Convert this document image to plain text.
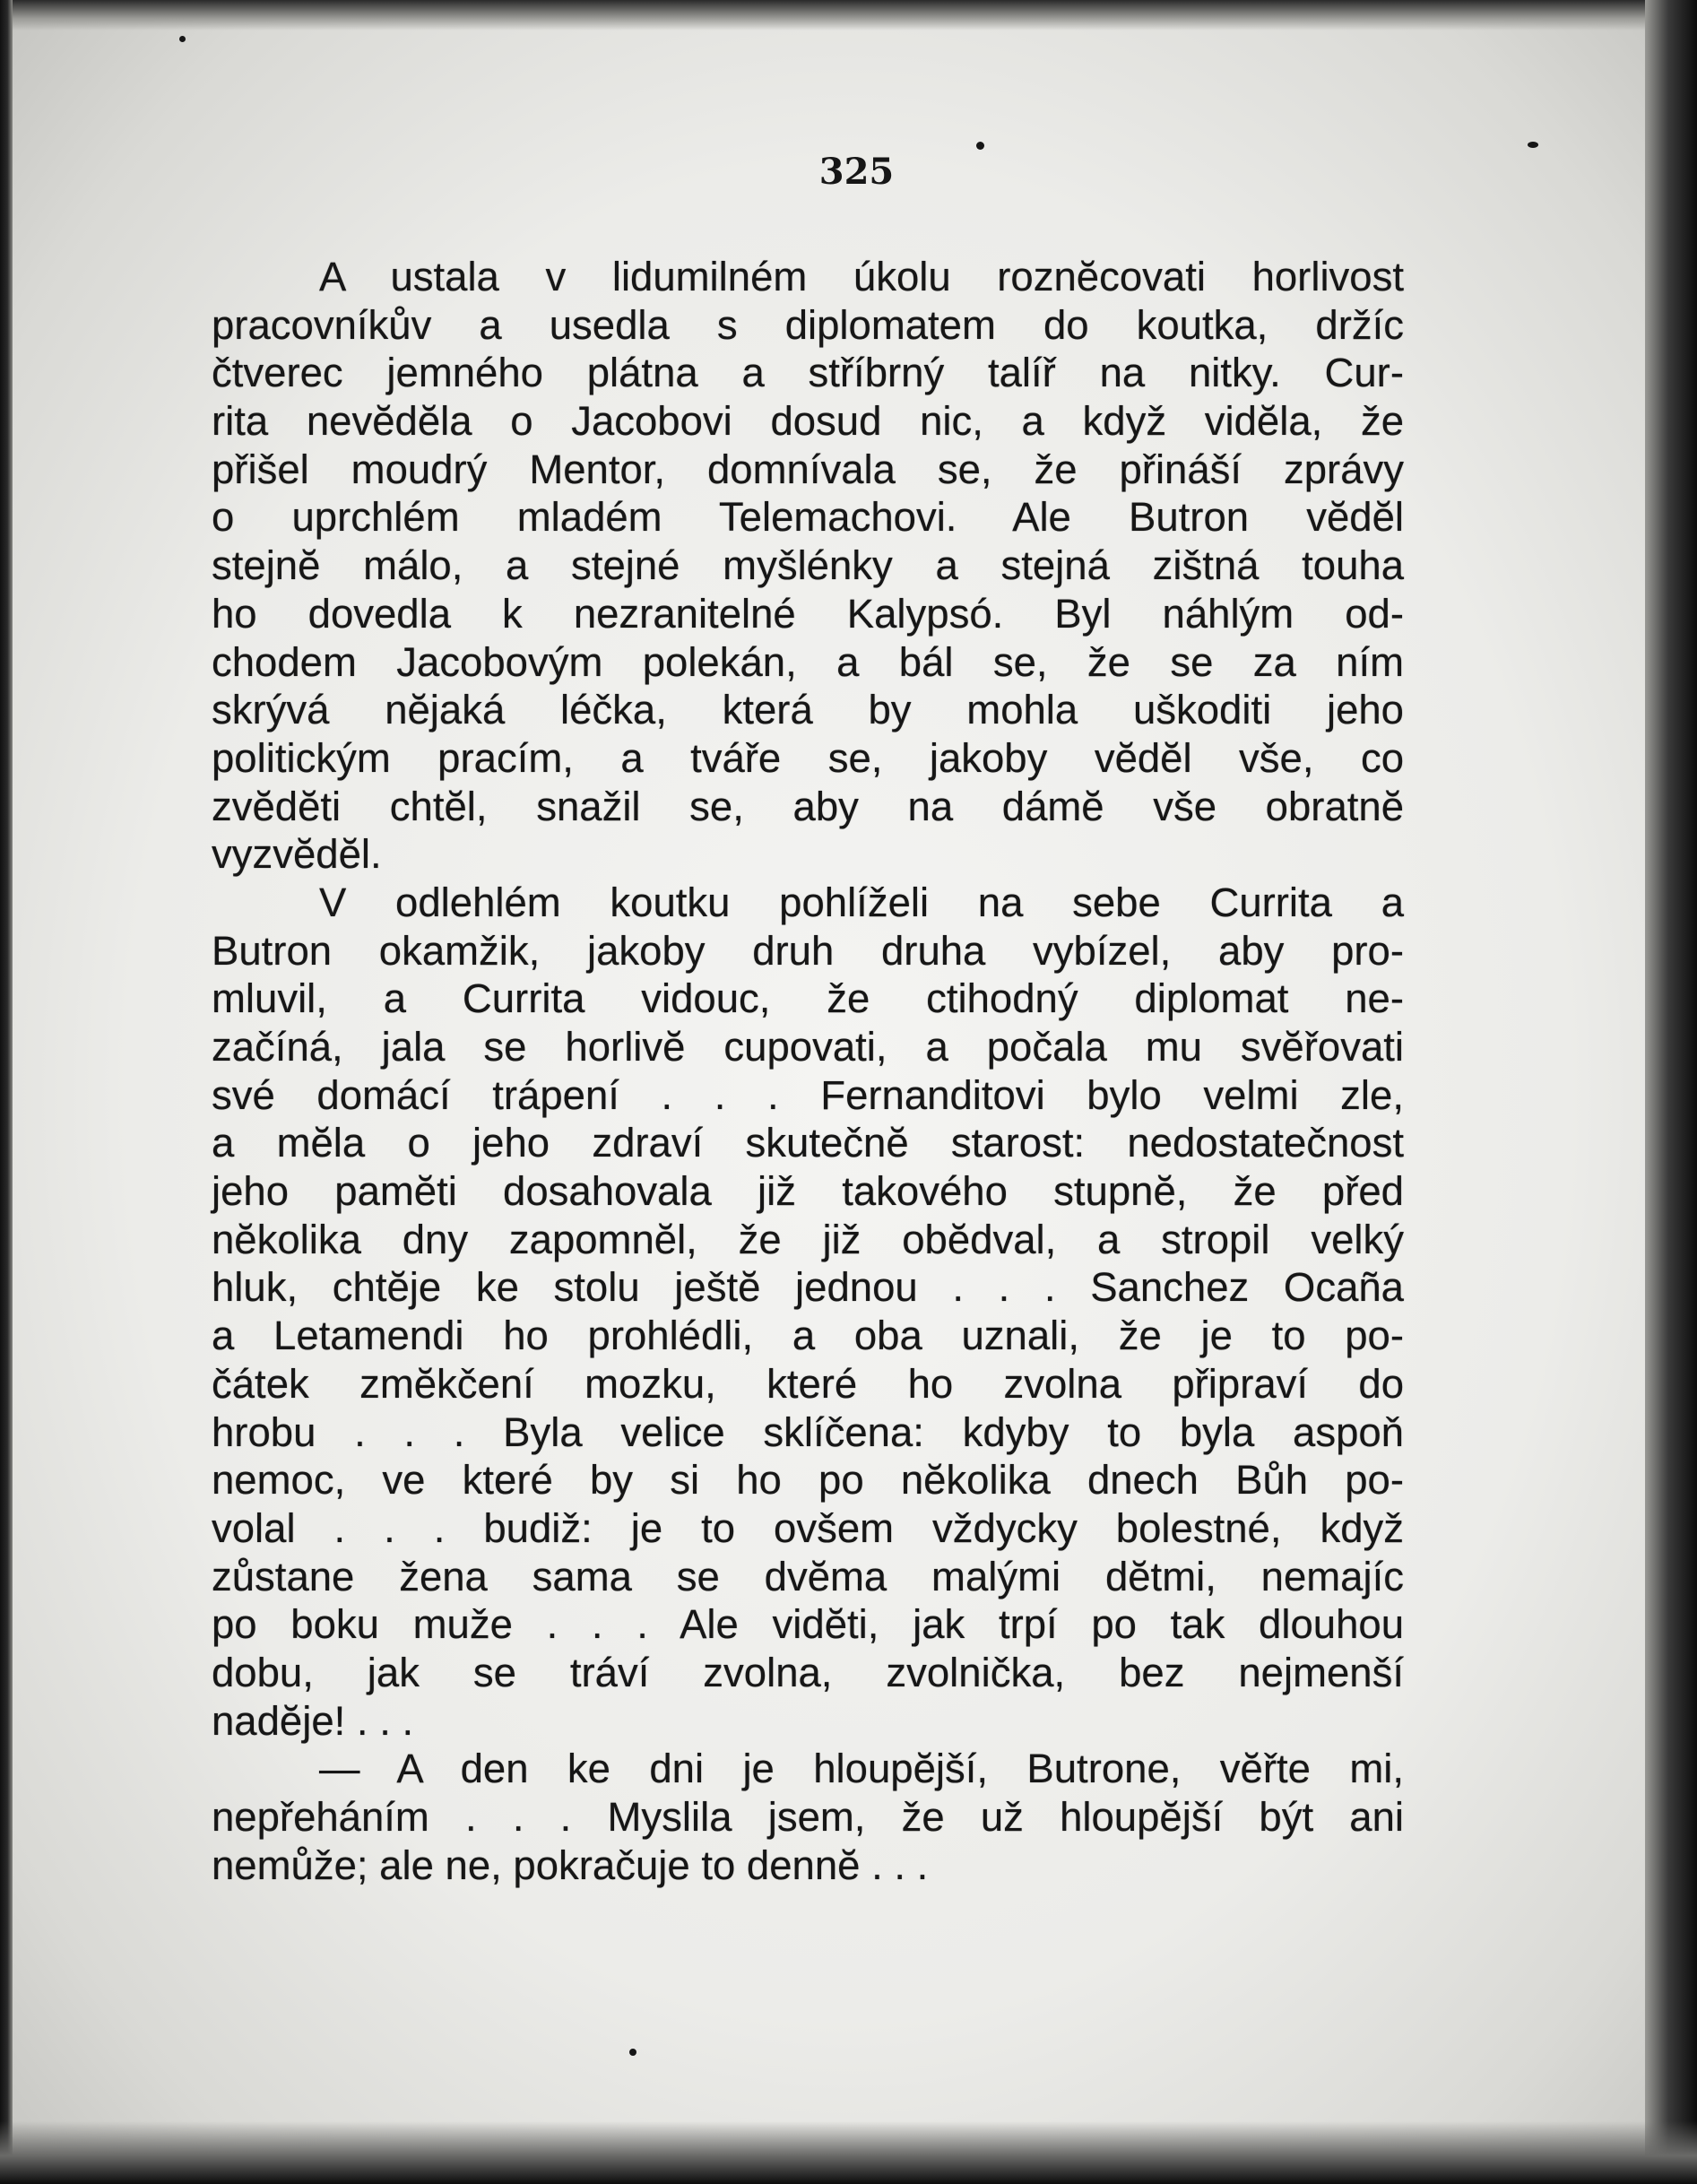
325
A ustala v lidumilném úkolu roznĕcovati horlivost
pracovníkův a usedla s diplomatem do koutka, držíc
čtverec jemného plátna a stříbrný talíř na nitky. Cur-
rita nevĕdĕla o Jacobovi dosud nic, a když vidĕla, že
přišel moudrý Mentor, domnívala se, že přináší zprávy
o uprchlém mladém Telemachovi. Ale Butron vĕdĕl
stejnĕ málo, a stejné myšlénky a stejná zištná touha
ho dovedla k nezranitelné Kalypsó. Byl náhlým od-
chodem Jacobovým polekán, a bál se, že se za ním
skrývá nĕjaká léčka, která by mohla uškoditi jeho
politickým pracím, a tváře se, jakoby vĕdĕl vše, co
zvĕdĕti chtĕl, snažil se, aby na dámĕ vše obratnĕ
vyzvĕdĕl.
V odlehlém koutku pohlíželi na sebe Currita a
Butron okamžik, jakoby druh druha vybízel, aby pro-
mluvil, a Currita vidouc, že ctihodný diplomat ne-
začíná, jala se horlivĕ cupovati, a počala mu svĕřovati
své domácí trápení . . . Fernanditovi bylo velmi zle,
a mĕla o jeho zdraví skutečnĕ starost: nedostatečnost
jeho pamĕti dosahovala již takového stupnĕ, že před
nĕkolika dny zapomnĕl, že již obĕdval, a stropil velký
hluk, chtĕje ke stolu ještĕ jednou . . . Sanchez Ocaña
a Letamendi ho prohlédli, a oba uznali, že je to po-
čátek zmĕkčení mozku, které ho zvolna připraví do
hrobu . . . Byla velice sklíčena: kdyby to byla aspoň
nemoc, ve které by si ho po nĕkolika dnech Bůh po-
volal . . . budiž: je to ovšem vždycky bolestné, když
zůstane žena sama se dvĕma malými dĕtmi, nemajíc
po boku muže . . . Ale vidĕti, jak trpí po tak dlouhou
dobu, jak se tráví zvolna, zvolnička, bez nejmenší
nadĕje! . . .
— A den ke dni je hloupĕjší, Butrone, vĕřte mi,
nepřeháním . . . Myslila jsem, že už hloupĕjší být ani
nemůže; ale ne, pokračuje to dennĕ . . .
